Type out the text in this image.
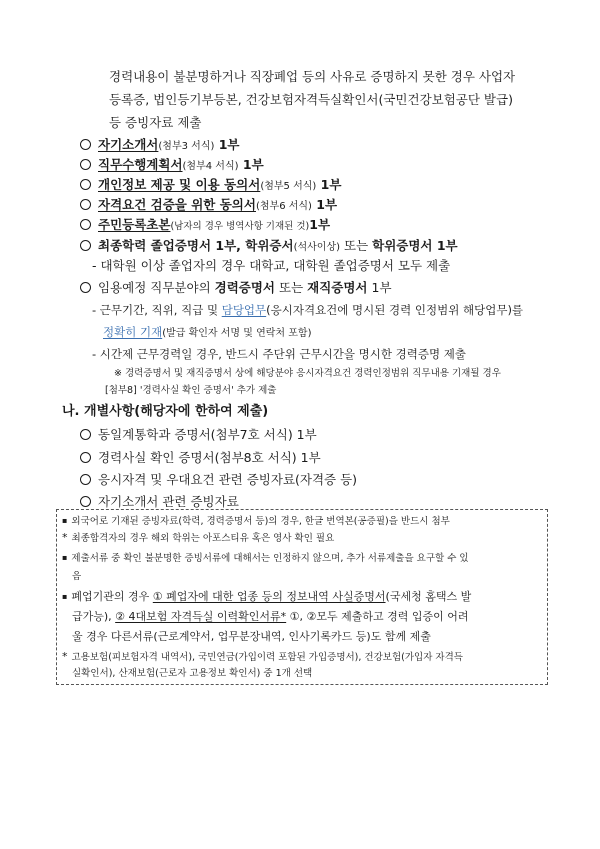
경력내용이 불분명하거나 직장폐업 등의 사유로 증명하지 못한 경우 사업자
등록증, 법인등기부등본, 건강보험자격득실확인서(국민건강보험공단 발급)
등 증빙자료 제출
자기소개서(첨부3 서식) 1부
직무수행계획서(첨부4 서식) 1부
개인정보 제공 및 이용 동의서(첨부5 서식) 1부
자격요건 검증을 위한 동의서(첨부6 서식) 1부
주민등록초본(남자의 경우 병역사항 기재된 것)1부
최종학력 졸업증명서 1부, 학위증서(석사이상) 또는 학위증명서 1부
- 대학원 이상 졸업자의 경우 대학교, 대학원 졸업증명서 모두 제출
임용예정 직무분야의 경력증명서 또는 재직증명서 1부
- 근무기간, 직위, 직급 및 담당업무(응시자격요건에 명시된 경력 인정범위 해당업무)를
정확히 기재(발급 확인자 서명 및 연락처 포함)
- 시간제 근무경력일 경우, 반드시 주단위 근무시간을 명시한 경력증명 제출
※ 경력증명서 및 재직증명서 상에 해당분야 응시자격요건 경력인정범위 직무내용 기재될 경우
[첨부8] '경력사실 확인 증명서' 추가 제출
나. 개별사항(해당자에 한하여 제출)
동일계통학과 증명서(첨부7호 서식) 1부
경력사실 확인 증명서(첨부8호 서식) 1부
응시자격 및 우대요건 관련 증빙자료(자격증 등)
자기소개서 관련 증빙자료
▪ 외국어로 기재된 증빙자료(학력, 경력증명서 등)의 경우, 한글 번역본(공증필)을 반드시 첨부
* 최종합격자의 경우 해외 학위는 아포스티유 혹은 영사 확인 필요
▪ 제출서류 중 확인 불분명한 증빙서류에 대해서는 인정하지 않으며, 추가 서류제출을 요구할 수 있
음
▪ 폐업기관의 경우 ① 폐업자에 대한 업종 등의 정보내역 사실증명서(국세청 홈택스 발
급가능), ② 4대보험 자격득실 이력확인서류* ①, ②모두 제출하고 경력 입증이 어려
울 경우 다른서류(근로계약서, 업무분장내역, 인사기록카드 등)도 함께 제출
* 고용보험(피보험자격 내역서), 국민연금(가입이력 포함된 가입증명서), 건강보험(가입자 자격득
실확인서), 산재보험(근로자 고용정보 확인서) 중 1개 선택
